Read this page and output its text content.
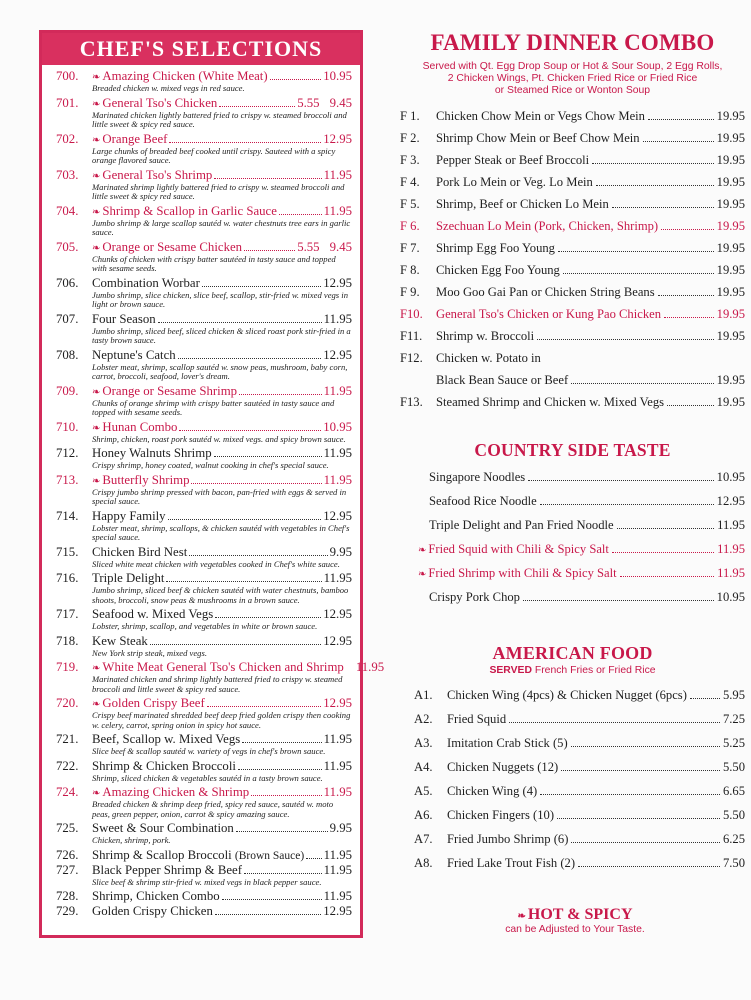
CHEF'S SELECTIONS
700.	❧ Amazing Chicken (White Meat)	10.95
Breaded chicken w. mixed vegs in red sauce.
701.	❧ General Tso's Chicken	5.55 9.45
Marinated chicken lightly battered fried to crispy w. steamed broccoli and little sweet & spicy red sauce.
702.	❧ Orange Beef	12.95
Large chunks of breaded beef cooked until crispy. Sauteed with a spicy orange flavored sauce.
703.	❧ General Tso's Shrimp	11.95
Marinated shrimp lightly battered fried to crispy w. steamed broccoli and little sweet & spicy red sauce.
704.	❧ Shrimp & Scallop in Garlic Sauce	11.95
Jumbo shrimp & large scallop sautéd w. water chestnuts tree ears in garlic sauce.
705.	❧ Orange or Sesame Chicken	5.55 9.45
Chunks of chicken with crispy batter sautéed in tasty sauce and topped with sesame seeds.
706.	Combination Worbar	12.95
Jumbo shrimp, slice chicken, slice beef, scallop, stir-fried w. mixed vegs in light or brown sauce.
707.	Four Season	11.95
Jumbo shrimp, sliced beef, sliced chicken & sliced roast pork stir-fried in a tasty brown sauce.
708.	Neptune's Catch	12.95
Lobster meat, shrimp, scallop sautéd w. snow peas, mushroom, baby corn, carrot, broccoli, seafood, lover's dream.
709.	❧ Orange or Sesame Shrimp	11.95
Chunks of orange shrimp with crispy batter sautéed in tasty sauce and topped with sesame seeds.
710.	❧ Hunan Combo	10.95
Shrimp, chicken, roast pork sautéd w. mixed vegs. and spicy brown sauce.
712.	Honey Walnuts Shrimp	11.95
Crispy shrimp, honey coated, walnut cooking in chef's special sauce.
713.	❧ Butterfly Shrimp	11.95
Crispy jumbo shrimp pressed with bacon, pan-fried with eggs & served in special sauce.
714.	Happy Family	12.95
Lobster meat, shrimp, scallops, & chicken sautéd with vegetables in Chef's special sauce.
715.	Chicken Bird Nest	9.95
Sliced white meat chicken with vegetables cooked in Chef's white sauce.
716.	Triple Delight	11.95
Jumbo shrimp, sliced beef & chicken sautéd with water chestnuts, bamboo shoots, broccoli, snow peas & mushrooms in a brown sauce.
717.	Seafood w. Mixed Vegs	12.95
Lobster, shrimp, scallop, and vegetables in white or brown sauce.
718.	Kew Steak	12.95
New York strip steak, mixed vegs.
719.	❧ White Meat General Tso's Chicken and Shrimp 11.95
Marinated chicken and shrimp lightly battered fried to crispy w. steamed broccoli and little sweet & spicy red sauce.
720.	❧ Golden Crispy Beef	12.95
Crispy beef marinated shredded beef deep fried golden crispy then cooking w. celery, carrot, spring onion in spicy hot sauce.
721.	Beef, Scallop w. Mixed Vegs	11.95
Slice beef & scallop sautéd w. variety of vegs in chef's brown sauce.
722.	Shrimp & Chicken Broccoli	11.95
Shrimp, sliced chicken & vegetables sautéd in a tasty brown sauce.
724.	❧ Amazing Chicken & Shrimp	11.95
Breaded chicken & shrimp deep fried, spicy red sauce, sautéd w. moto peas, green pepper, onion, carrot & spicy amazing sauce.
725.	Sweet & Sour Combination	9.95
Chicken, shrimp, pork.
726.	Shrimp & Scallop Broccoli (Brown Sauce) 11.95
727.	Black Pepper Shrimp & Beef	11.95
Slice beef & shrimp stir-fried w. mixed vegs in black pepper sauce.
728.	Shrimp, Chicken Combo	11.95
729.	Golden Crispy Chicken	12.95
FAMILY DINNER COMBO
Served with Qt. Egg Drop Soup or Hot & Sour Soup, 2 Egg Rolls,
2 Chicken Wings, Pt. Chicken Fried Rice or Fried Rice
or Steamed Rice or Wonton Soup
F 1.	Chicken Chow Mein or Vegs Chow Mein	19.95
F 2.	Shrimp Chow Mein or Beef Chow Mein	19.95
F 3.	Pepper Steak or Beef Broccoli	19.95
F 4.	Pork Lo Mein or Veg. Lo Mein	19.95
F 5.	Shrimp, Beef or Chicken Lo Mein	19.95
F 6.	Szechuan Lo Mein (Pork, Chicken, Shrimp)	19.95
F 7.	Shrimp Egg Foo Young	19.95
F 8.	Chicken Egg Foo Young	19.95
F 9.	Moo Goo Gai Pan or Chicken String Beans	19.95
F10.	General Tso's Chicken or Kung Pao Chicken	19.95
F11.	Shrimp w. Broccoli	19.95
F12.	Chicken w. Potato in
Black Bean Sauce or Beef	19.95
F13.	Steamed Shrimp and Chicken w. Mixed Vegs	19.95
COUNTRY SIDE TASTE
Singapore Noodles	10.95
Seafood Rice Noodle	12.95
Triple Delight and Pan Fried Noodle	11.95
❧ Fried Squid with Chili & Spicy Salt	11.95
❧ Fried Shrimp with Chili & Spicy Salt	11.95
Crispy Pork Chop	10.95
AMERICAN FOOD
SERVED French Fries or Fried Rice
A1.	Chicken Wing (4pcs) & Chicken Nugget (6pcs)	5.95
A2.	Fried Squid	7.25
A3.	Imitation Crab Stick (5)	5.25
A4.	Chicken Nuggets (12)	5.50
A5.	Chicken Wing (4)	6.65
A6.	Chicken Fingers (10)	5.50
A7.	Fried Jumbo Shrimp (6)	6.25
A8.	Fried Lake Trout Fish (2)	7.50
❧ HOT & SPICY
can be Adjusted to Your Taste.
